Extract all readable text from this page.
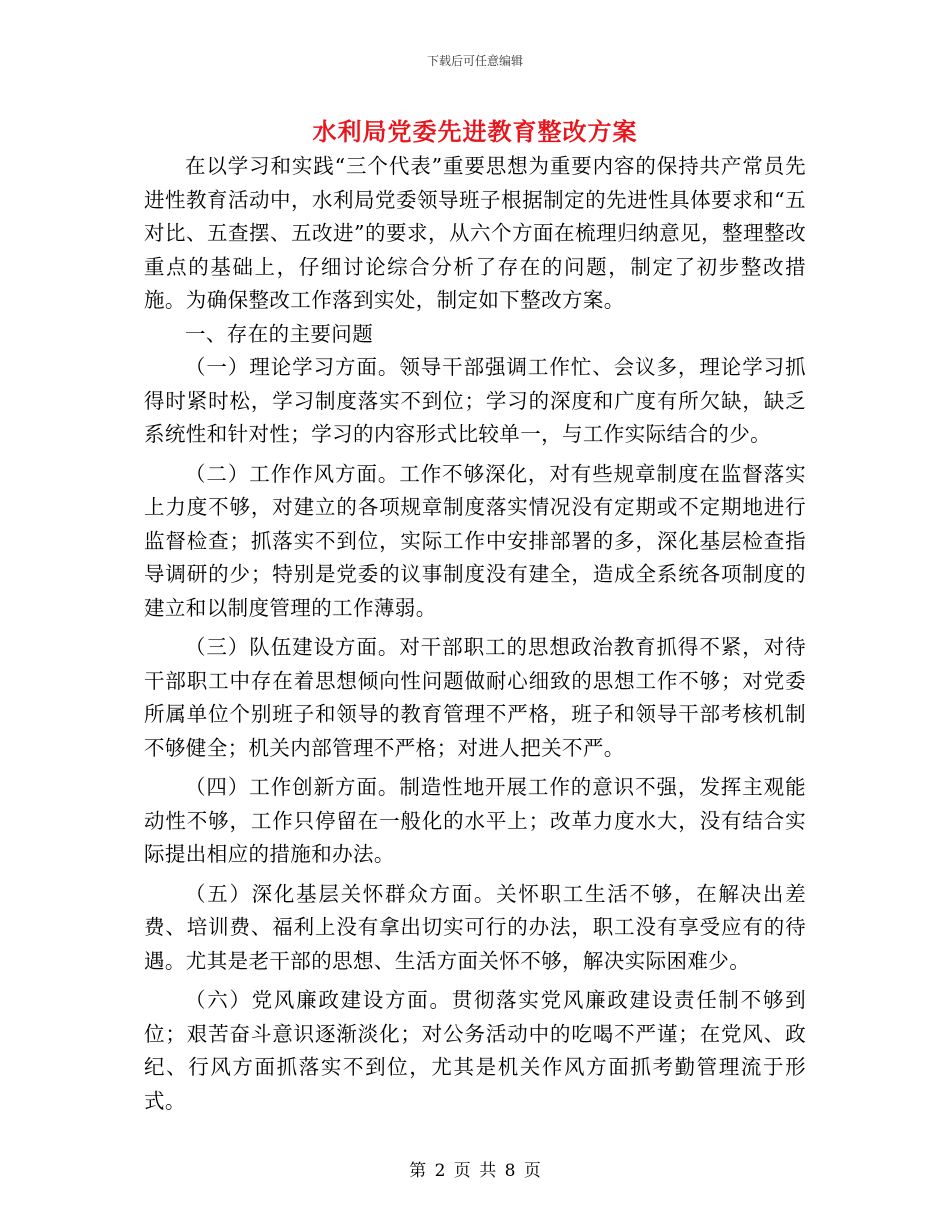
下载后可任意编辑
水利局党委先进教育整改方案

在以学习和实践“三个代表”重要思想为重要内容的保持共产常员先进性教育活动中，水利局党委领导班子根据制定的先进性具体要求和“五对比、五查摆、五改进”的要求，从六个方面在梳理归纳意见，整理整改重点的基础上，仔细讨论综合分析了存在的问题，制定了初步整改措施。为确保整改工作落到实处，制定如下整改方案。

一、存在的主要问题

（一）理论学习方面。领导干部强调工作忙、会议多，理论学习抓得时紧时松，学习制度落实不到位；学习的深度和广度有所欠缺，缺乏系统性和针对性；学习的内容形式比较单一，与工作实际结合的少。

（二）工作作风方面。工作不够深化，对有些规章制度在监督落实上力度不够，对建立的各项规章制度落实情况没有定期或不定期地进行监督检查；抓落实不到位，实际工作中安排部署的多，深化基层检查指导调研的少；特别是党委的议事制度没有建全，造成全系统各项制度的建立和以制度管理的工作薄弱。

（三）队伍建设方面。对干部职工的思想政治教育抓得不紧，对待干部职工中存在着思想倾向性问题做耐心细致的思想工作不够；对党委所属单位个别班子和领导的教育管理不严格，班子和领导干部考核机制不够健全；机关内部管理不严格；对进人把关不严。

（四）工作创新方面。制造性地开展工作的意识不强，发挥主观能动性不够，工作只停留在一般化的水平上；改革力度水大，没有结合实际提出相应的措施和办法。

（五）深化基层关怀群众方面。关怀职工生活不够，在解决出差费、培训费、福利上没有拿出切实可行的办法，职工没有享受应有的待遇。尤其是老干部的思想、生活方面关怀不够，解决实际困难少。

（六）党风廉政建设方面。贯彻落实党风廉政建设责任制不够到位；艰苦奋斗意识逐渐淡化；对公务活动中的吃喝不严谨；在党风、政纪、行风方面抓落实不到位，尤其是机关作风方面抓考勤管理流于形式。

第 2 页 共 8 页
